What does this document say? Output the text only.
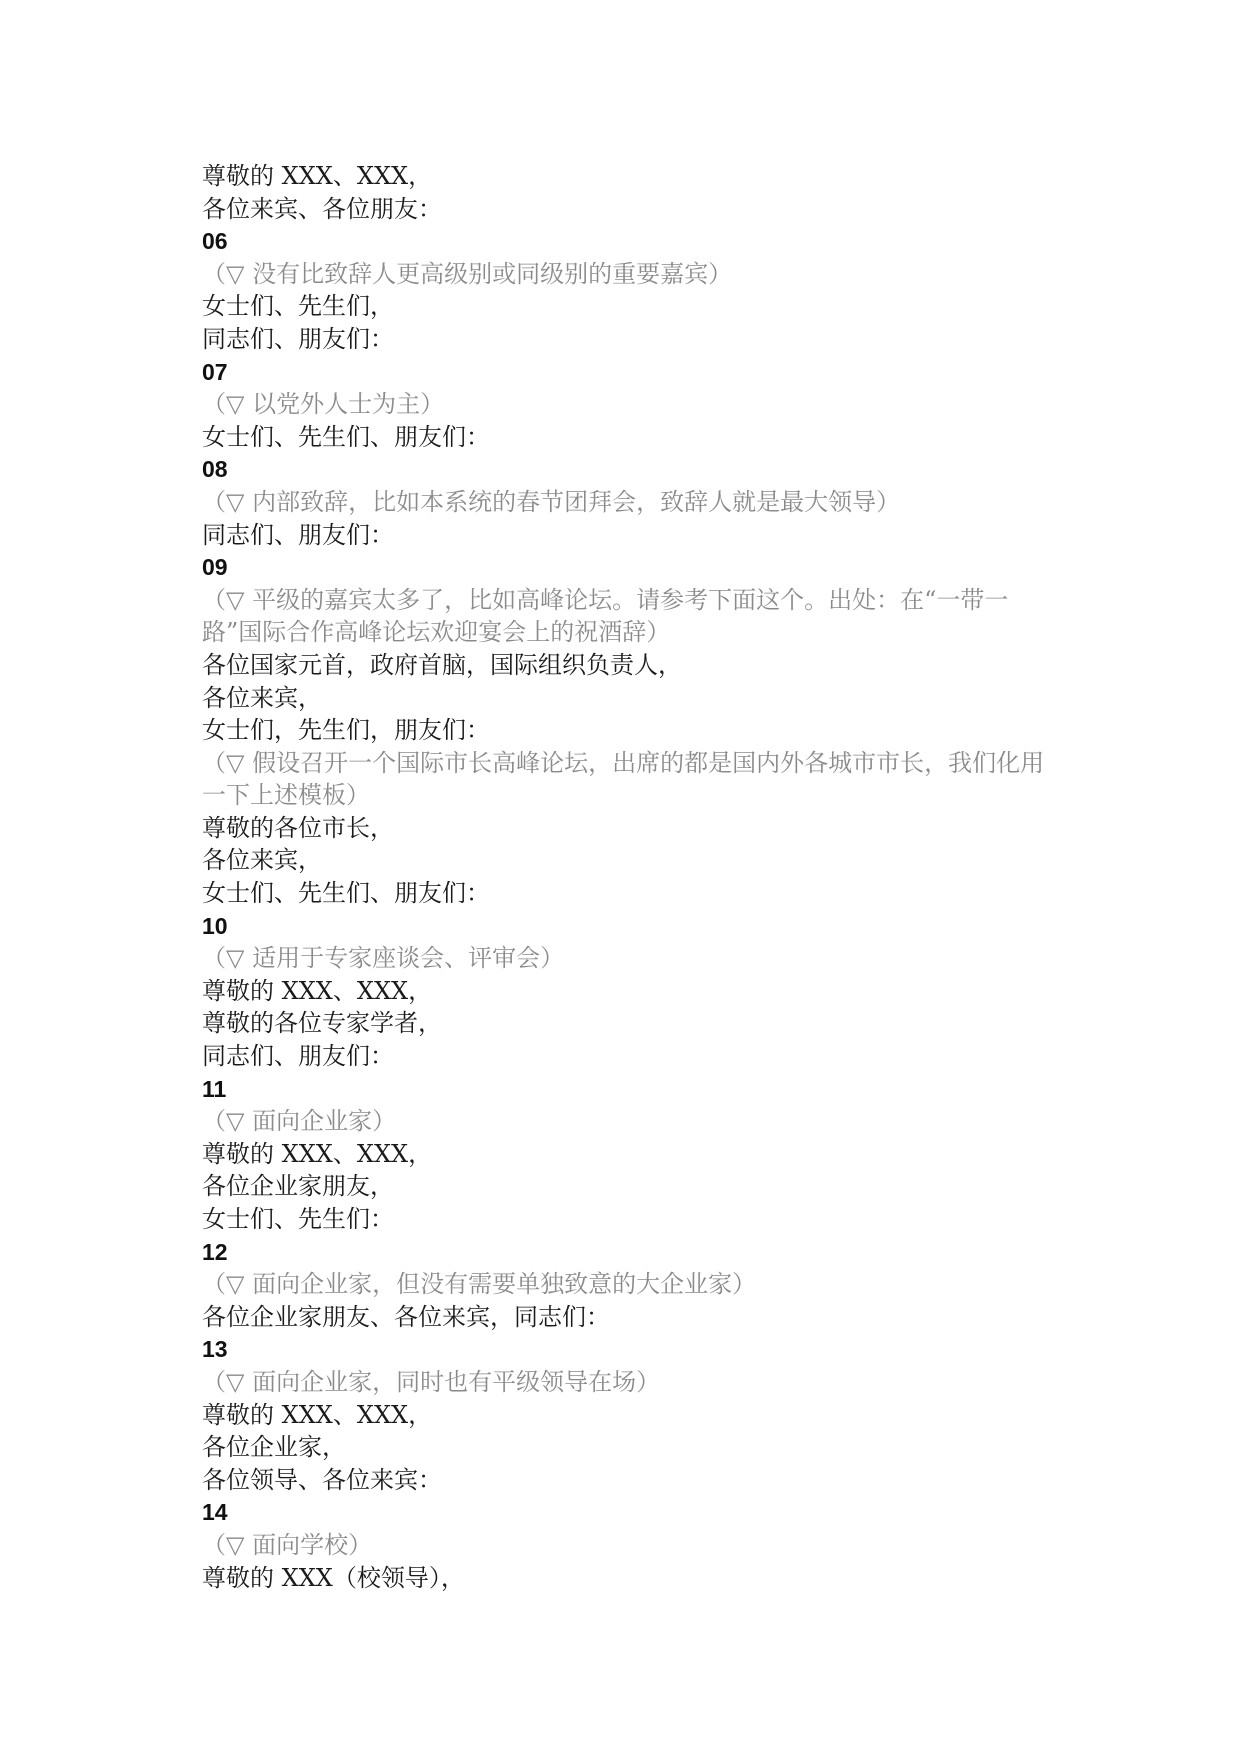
尊敬的 XXX、XXX，
各位来宾、各位朋友：
06
（▽ 没有比致辞人更高级别或同级别的重要嘉宾）
女士们、先生们，
同志们、朋友们：
07
（▽ 以党外人士为主）
女士们、先生们、朋友们：
08
（▽ 内部致辞，比如本系统的春节团拜会，致辞人就是最大领导）
同志们、朋友们：
09
（▽ 平级的嘉宾太多了，比如高峰论坛。请参考下面这个。出处：在“一带一路”国际合作高峰论坛欢迎宴会上的祝酒辞）
各位国家元首，政府首脑，国际组织负责人，
各位来宾，
女士们，先生们，朋友们：
（▽ 假设召开一个国际市长高峰论坛，出席的都是国内外各城市市长，我们化用一下上述模板）
尊敬的各位市长，
各位来宾，
女士们、先生们、朋友们：
10
（▽ 适用于专家座谈会、评审会）
尊敬的 XXX、XXX，
尊敬的各位专家学者，
同志们、朋友们：
11
（▽ 面向企业家）
尊敬的 XXX、XXX，
各位企业家朋友，
女士们、先生们：
12
（▽ 面向企业家，但没有需要单独致意的大企业家）
各位企业家朋友、各位来宾，同志们：
13
（▽ 面向企业家，同时也有平级领导在场）
尊敬的 XXX、XXX，
各位企业家，
各位领导、各位来宾：
14
（▽ 面向学校）
尊敬的 XXX（校领导），
